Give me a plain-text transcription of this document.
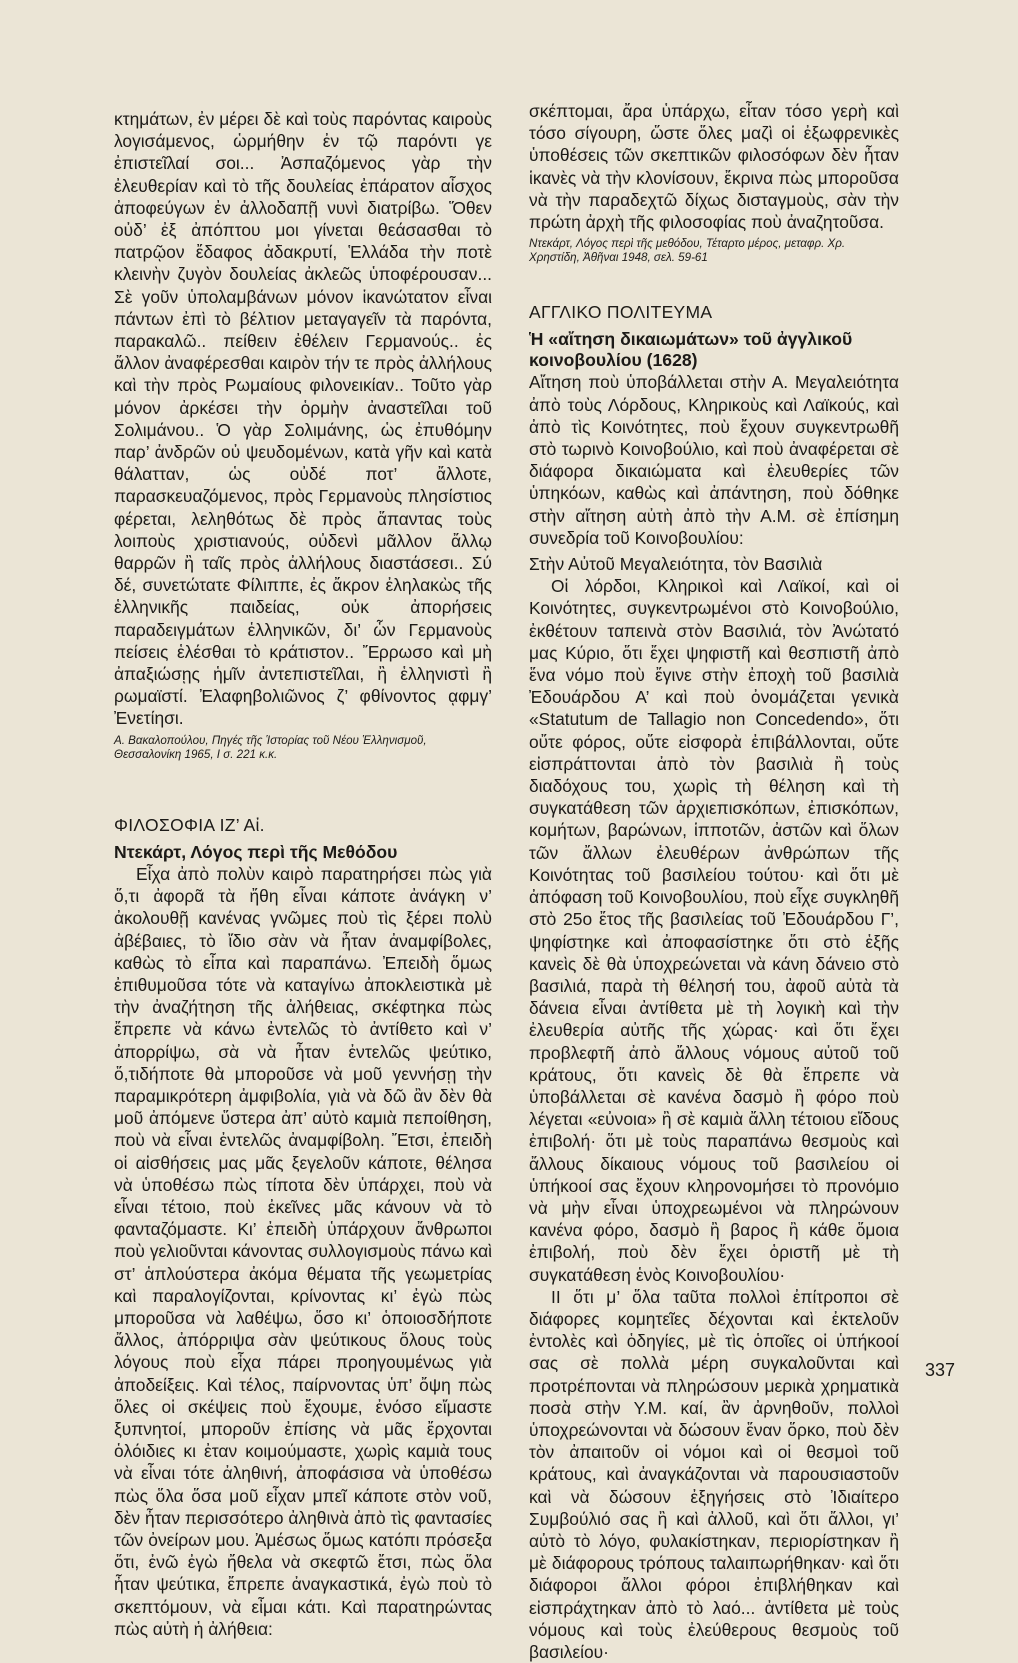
κτημάτων, ἐν μέρει δὲ καὶ τοὺς παρόντας καιροὺς λογισάμενος, ὡρμήθην ἐν τῷ παρόντι γε ἐπιστεῖλαί σοι... Ἀσπαζόμενος γὰρ τὴν ἐλευθερίαν καὶ τὸ τῆς δουλείας ἐπάρατον αἶσχος ἀποφεύγων ἐν ἀλλοδαπῇ νυνὶ διατρίβω. Ὅθεν οὐδ’ ἐξ ἀπόπτου μοι γίνεται θεάσασθαι τὸ πατρῷον ἔδαφος ἀδακρυτί, Ἑλλάδα τὴν ποτὲ κλεινὴν ζυγὸν δουλείας ἀκλεῶς ὑποφέρουσαν... Σὲ γοῦν ὑπολαμβάνων μόνον ἱκανώτατον εἶναι πάντων ἐπὶ τὸ βέλτιον μεταγαγεῖν τὰ παρόντα, παρακαλῶ.. πείθειν ἐθέλειν Γερμανούς.. ἐς ἄλλον ἀναφέρεσθαι καιρὸν τήν τε πρὸς ἀλλήλους καὶ τὴν πρὸς Ρωμαίους φιλονεικίαν.. Τοῦτο γὰρ μόνον ἀρκέσει τὴν ὁρμὴν ἀναστεῖλαι τοῦ Σολιμάνου.. Ὁ γὰρ Σολιμάνης, ὡς ἐπυθόμην παρ’ ἀνδρῶν οὐ ψευδομένων, κατὰ γῆν καὶ κατὰ θάλατταν, ὡς οὐδέ ποτ’ ἄλλοτε, παρασκευαζόμενος, πρὸς Γερμανοὺς πλησίστιος φέρεται, λεληθότως δὲ πρὸς ἅπαντας τοὺς λοιποὺς χριστιανούς, οὐδενὶ μᾶλλον ἄλλῳ θαρρῶν ἢ ταῖς πρὸς ἀλλήλους διαστάσεσι.. Σύ δέ, συνετώτατε Φίλιππε, ἐς ἄκρον ἐληλακὼς τῆς ἑλληνικῆς παιδείας, οὐκ ἀπορήσεις παραδειγμάτων ἑλληνικῶν, δι’ ὧν Γερμανοὺς πείσεις ἑλέσθαι τὸ κράτιστον.. Ἔρρωσο καὶ μὴ ἀπαξιώσῃς ἡμῖν ἀντεπιστεῖλαι, ἢ ἑλληνιστὶ ἢ ρωμαϊστί. Ἐλαφηβολιῶνος ζ’ φθίνοντος ᾳφμγ’ Ἐνετίησι.

Α. Βακαλοπούλου, Πηγές τῆς Ἱστορίας τοῦ Νέου Ἑλληνισμοῦ, Θεσσαλονίκη 1965, Ι σ. 221 κ.κ.

ΦΙΛΟΣΟΦΙΑ ΙΖ’ Αἰ.
Ντεκάρτ, Λόγος περὶ τῆς Μεθόδου

Εἶχα ἀπὸ πολὺν καιρὸ παρατηρήσει πὼς γιὰ ὅ,τι ἀφορᾶ τὰ ἤθη εἶναι κάποτε ἀνάγκη ν’ ἀκολουθῇ κανένας γνῶμες ποὺ τὶς ξέρει πολὺ ἀβέβαιες, τὸ ἴδιο σὰν νὰ ἦταν ἀναμφίβολες, καθὼς τὸ εἶπα καὶ παραπάνω. Ἐπειδὴ ὅμως ἐπιθυμοῦσα τότε νὰ καταγίνω ἀποκλειστικὰ μὲ τὴν ἀναζήτηση τῆς ἀλήθειας, σκέφτηκα πὼς ἔπρεπε νὰ κάνω ἐντελῶς τὸ ἀντίθετο καὶ ν’ ἀπορρίψω, σὰ νὰ ἦταν ἐντελῶς ψεύτικο, ὅ,τιδήποτε θὰ μποροῦσε νὰ μοῦ γεννήσῃ τὴν παραμικρότερη ἀμφιβολία, γιὰ νὰ δῶ ἂν δὲν θὰ μοῦ ἀπόμενε ὕστερα ἀπ’ αὐτὸ καμιὰ πεποίθηση, ποὺ νὰ εἶναι ἐντελῶς ἀναμφίβολη. Ἔτσι, ἐπειδὴ οἱ αἰσθήσεις μας μᾶς ξεγελοῦν κάποτε, θέλησα νὰ ὑποθέσω πὼς τίποτα δὲν ὑπάρχει, ποὺ νὰ εἶναι τέτοιο, ποὺ ἐκεῖνες μᾶς κάνουν νὰ τὸ φανταζόμαστε. Κι’ ἐπειδὴ ὑπάρχουν ἄνθρωποι ποὺ γελιοῦνται κάνοντας συλλογισμοὺς πάνω καὶ στ’ ἁπλούστερα ἀκόμα θέματα τῆς γεωμετρίας καὶ παραλογίζονται, κρίνοντας κι’ ἐγὼ πὼς μποροῦσα νὰ λαθέψω, ὅσο κι’ ὁποιοσδήποτε ἄλλος, ἀπόρριψα σὰν ψεύτικους ὅλους τοὺς λόγους ποὺ εἶχα πάρει προηγουμένως γιὰ ἀποδείξεις. Καὶ τέλος, παίρνοντας ὑπ’ ὄψη πὼς ὅλες οἱ σκέψεις ποὺ ἔχουμε, ἐνόσο εἴμαστε ξυπνητοί, μποροῦν ἐπίσης νὰ μᾶς ἔρχονται ὁλόιδιες κι ἐταν κοιμούμαστε, χωρὶς καμιὰ τους νὰ εἶναι τότε ἀληθινή, ἀποφάσισα νὰ ὑποθέσω πὼς ὅλα ὅσα μοῦ εἶχαν μπεῖ κάποτε στὸν νοῦ, δὲν ἦταν περισσότερο ἀληθινὰ ἀπὸ τὶς φαντασίες τῶν ὀνείρων μου. Ἀμέσως ὅμως κατόπι πρόσεξα ὅτι, ἐνῶ ἐγὼ ἤθελα νὰ σκεφτῶ ἔτσι, πὼς ὅλα ἦταν ψεύτικα, ἔπρεπε ἀναγκαστικά, ἐγὼ ποὺ τὸ σκεπτόμουν, νὰ εἶμαι κάτι. Καὶ παρατηρώντας πὼς αὐτὴ ἡ ἀλήθεια:

σκέπτομαι, ἄρα ὑπάρχω, εἶταν τόσο γερὴ καὶ τόσο σίγουρη, ὥστε ὅλες μαζὶ οἱ ἐξωφρενικὲς ὑποθέσεις τῶν σκεπτικῶν φιλοσόφων δὲν ἦταν ἱκανὲς νὰ τὴν κλονίσουν, ἔκρινα πὼς μποροῦσα νὰ τὴν παραδεχτῶ δίχως δισταγμοὺς, σὰν τὴν πρώτη ἀρχὴ τῆς φιλοσοφίας ποὺ ἀναζητοῦσα.

Ντεκάρτ, Λόγος περὶ τῆς μεθόδου, Τέταρτο μέρος, μεταφρ. Χρ. Χρηστίδη, Ἀθῆναι 1948, σελ. 59-61

ΑΓΓΛΙΚΟ ΠΟΛΙΤΕΥΜΑ
Ἡ «αἴτηση δικαιωμάτων» τοῦ ἀγγλικοῦ κοινοβουλίου (1628)

Αἴτηση ποὺ ὑποβάλλεται στὴν Α. Μεγαλειότητα ἀπὸ τοὺς Λόρδους, Κληρικοὺς καὶ Λαϊκούς, καὶ ἀπὸ τὶς Κοινότητες, ποὺ ἔχουν συγκεντρωθῆ στὸ τωρινὸ Κοινοβούλιο, καὶ ποὺ ἀναφέρεται σὲ διάφορα δικαιώματα καὶ ἐλευθερίες τῶν ὑπηκόων, καθὼς καὶ ἀπάντηση, ποὺ δόθηκε στὴν αἴτηση αὐτὴ ἀπὸ τὴν Α.Μ. σὲ ἐπίσημη συνεδρία τοῦ Κοινοβουλίου:

Στὴν Αὐτοῦ Μεγαλειότητα, τὸν Βασιλιὰ

Οἱ λόρδοι, Κληρικοὶ καὶ Λαϊκοί, καὶ οἱ Κοινότητες, συγκεντρωμένοι στὸ Κοινοβούλιο, ἐκθέτουν ταπεινὰ στὸν Βασιλιά, τὸν Ἀνώτατό μας Κύριο, ὅτι ἔχει ψηφιστῆ καὶ θεσπιστῆ ἀπὸ ἕνα νόμο ποὺ ἔγινε στὴν ἐποχὴ τοῦ βασιλιὰ Ἐδουάρδου Α’ καὶ ποὺ ὀνομάζεται γενικὰ «Statutum de Tallagio non Concedendo», ὅτι οὔτε φόρος, οὔτε εἰσφορὰ ἐπιβάλλονται, οὔτε εἰσπράττονται ἀπὸ τὸν βασιλιὰ ἢ τοὺς διαδόχους του, χωρὶς τὴ θέληση καὶ τὴ συγκατάθεση τῶν ἀρχιεπισκόπων, ἐπισκόπων, κομήτων, βαρώνων, ἱπποτῶν, ἀστῶν καὶ ὅλων τῶν ἄλλων ἐλευθέρων ἀνθρώπων τῆς Κοινότητας τοῦ βασιλείου τούτου· καὶ ὅτι μὲ ἀπόφαση τοῦ Κοινοβουλίου, ποὺ εἶχε συγκληθῆ στὸ 25ο ἔτος τῆς βασιλείας τοῦ Ἐδουάρδου Γ’, ψηφίστηκε καὶ ἀποφασίστηκε ὅτι στὸ ἑξῆς κανεὶς δὲ θὰ ὑποχρεώνεται νὰ κάνη δάνειο στὸ βασιλιά, παρὰ τὴ θέλησή του, ἀφοῦ αὐτὰ τὰ δάνεια εἶναι ἀντίθετα μὲ τὴ λογικὴ καὶ τὴν ἐλευθερία αὐτῆς τῆς χώρας· καὶ ὅτι ἔχει προβλεφτῆ ἀπὸ ἄλλους νόμους αὐτοῦ τοῦ κράτους, ὅτι κανεὶς δὲ θὰ ἔπρεπε νὰ ὑποβάλλεται σὲ κανένα δασμὸ ἢ φόρο ποὺ λέγεται «εὐνοια» ἢ σὲ καμιὰ ἄλλη τέτοιου εἴδους ἐπιβολή· ὅτι μὲ τοὺς παραπάνω θεσμοὺς καὶ ἄλλους δίκαιους νόμους τοῦ βασιλείου οἱ ὑπήκοοί σας ἔχουν κληρονομήσει τὸ προνόμιο νὰ μὴν εἶναι ὑποχρεωμένοι νὰ πληρώνουν κανένα φόρο, δασμὸ ἢ βαρος ἢ κάθε ὅμοια ἐπιβολή, ποὺ δὲν ἔχει ὁριστῆ μὲ τὴ συγκατάθεση ἑνὸς Κοινοβουλίου·

ΙΙ ὅτι μ’ ὅλα ταῦτα πολλοὶ ἐπίτροποι σὲ διάφορες κομητεῖες δέχονται καὶ ἐκτελοῦν ἐντολὲς καὶ ὁδηγίες, μὲ τὶς ὁποῖες οἱ ὑπήκοοί σας σὲ πολλὰ μέρη συγκαλοῦνται καὶ προτρέπονται νὰ πληρώσουν μερικὰ χρηματικὰ ποσὰ στὴν Υ.Μ. καί, ἂν ἀρνηθοῦν, πολλοὶ ὑποχρεώνονται νὰ δώσουν ἕναν ὅρκο, ποὺ δὲν τὸν ἀπαιτοῦν οἱ νόμοι καὶ οἱ θεσμοὶ τοῦ κράτους, καὶ ἀναγκάζονται νὰ παρουσιαστοῦν καὶ νὰ δώσουν ἐξηγήσεις στὸ Ἰδιαίτερο Συμβούλιό σας ἢ καὶ ἀλλοῦ, καὶ ὅτι ἄλλοι, γι’ αὐτὸ τὸ λόγο, φυλακίστηκαν, περιορίστηκαν ἢ μὲ διάφορους τρόπους ταλαιπωρήθηκαν· καὶ ὅτι διάφοροι ἄλλοι φόροι ἐπιβλήθηκαν καὶ εἰσπράχτηκαν ἀπὸ τὸ λαό... ἀντίθετα μὲ τοὺς νόμους καὶ τοὺς ἐλεύθερους θεσμοὺς τοῦ βασιλείου·

337
